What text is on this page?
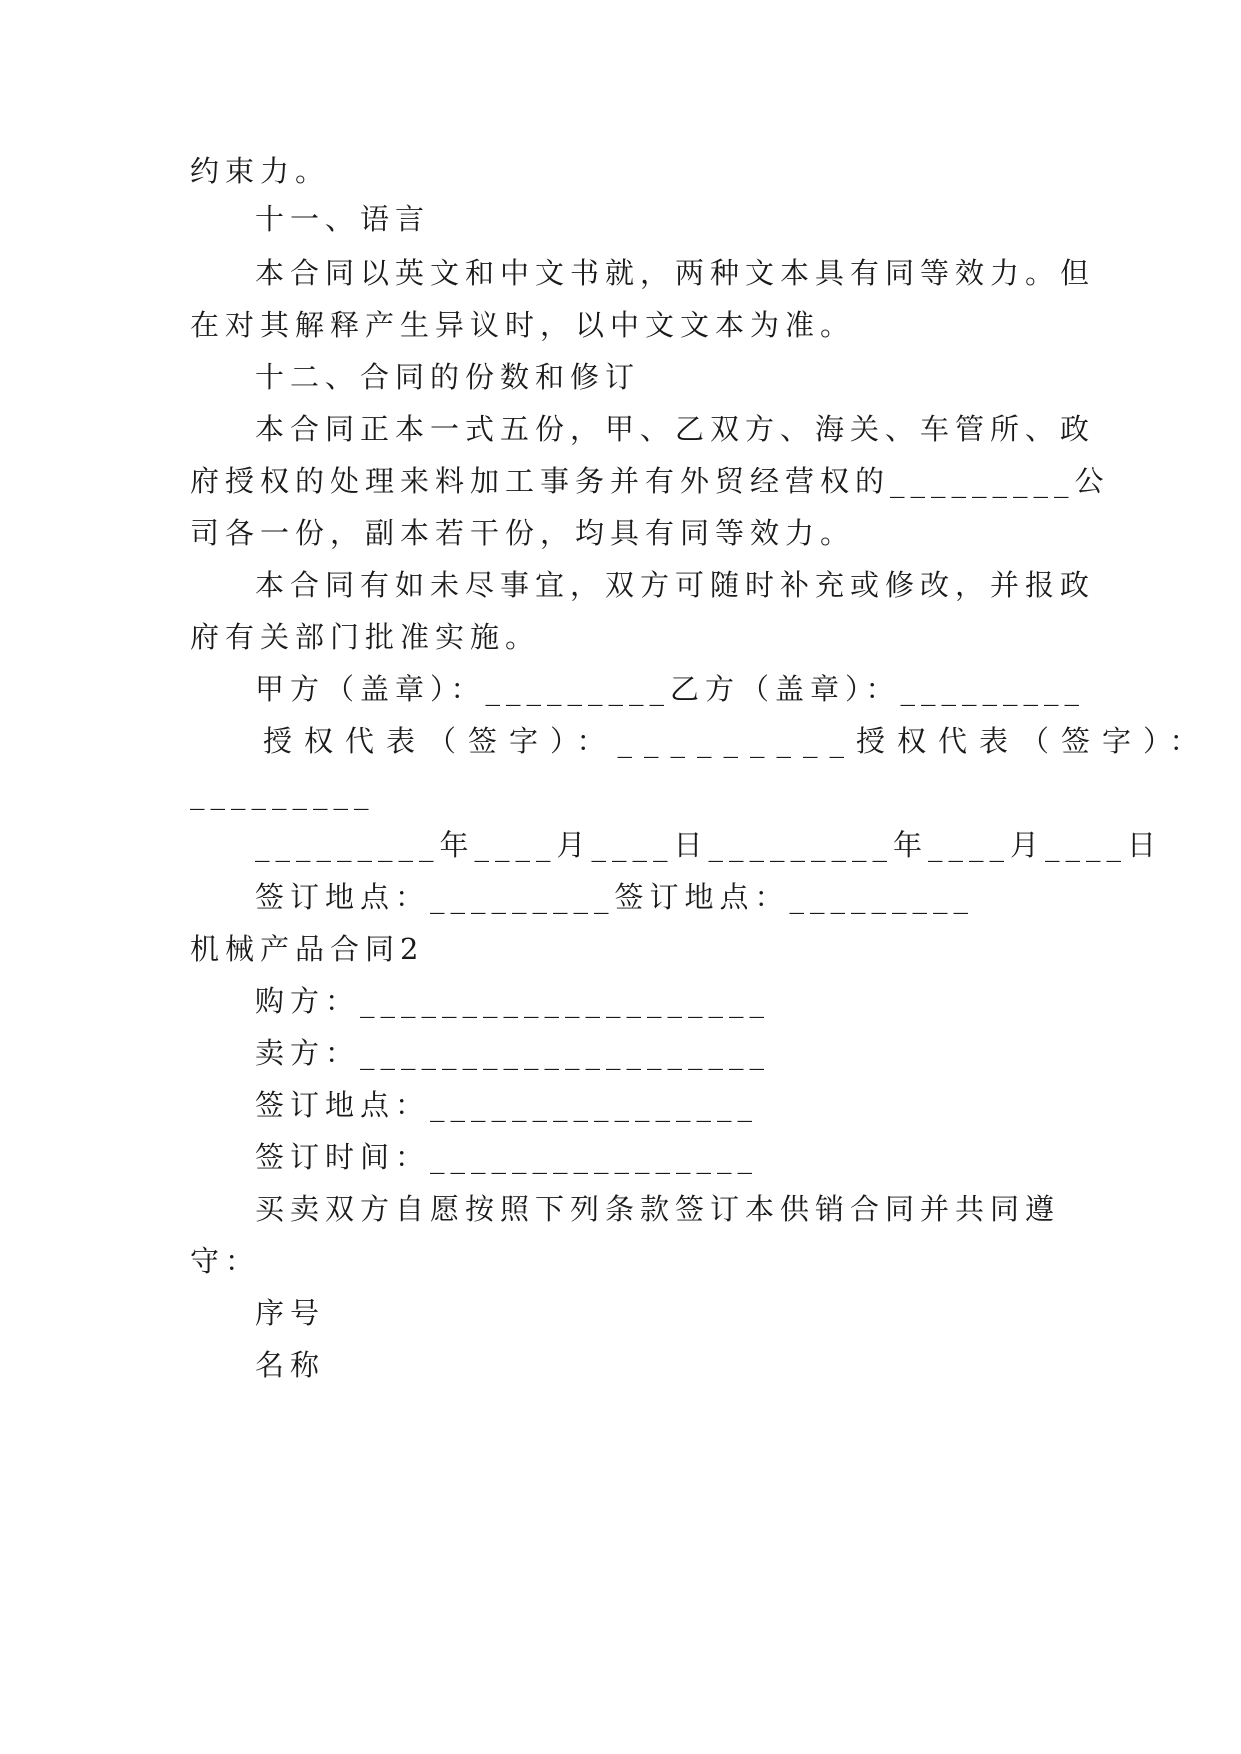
约束力。
十一、语言
本合同以英文和中文书就，两种文本具有同等效力。但
在对其解释产生异议时，以中文文本为准。
十二、合同的份数和修订
本合同正本一式五份，甲、乙双方、海关、车管所、政
府授权的处理来料加工事务并有外贸经营权的_________公
司各一份，副本若干份，均具有同等效力。
本合同有如未尽事宜，双方可随时补充或修改，并报政
府有关部门批准实施。
甲方（盖章）：_________乙方（盖章）：_________
授权代表（签字）：_________授权代表（签字）：
_________
_________年____月____日_________年____月____日
签订地点：_________签订地点：_________
机械产品合同2
购方：____________________
卖方：____________________
签订地点：________________
签订时间：________________
买卖双方自愿按照下列条款签订本供销合同并共同遵
守：
序号
名称
